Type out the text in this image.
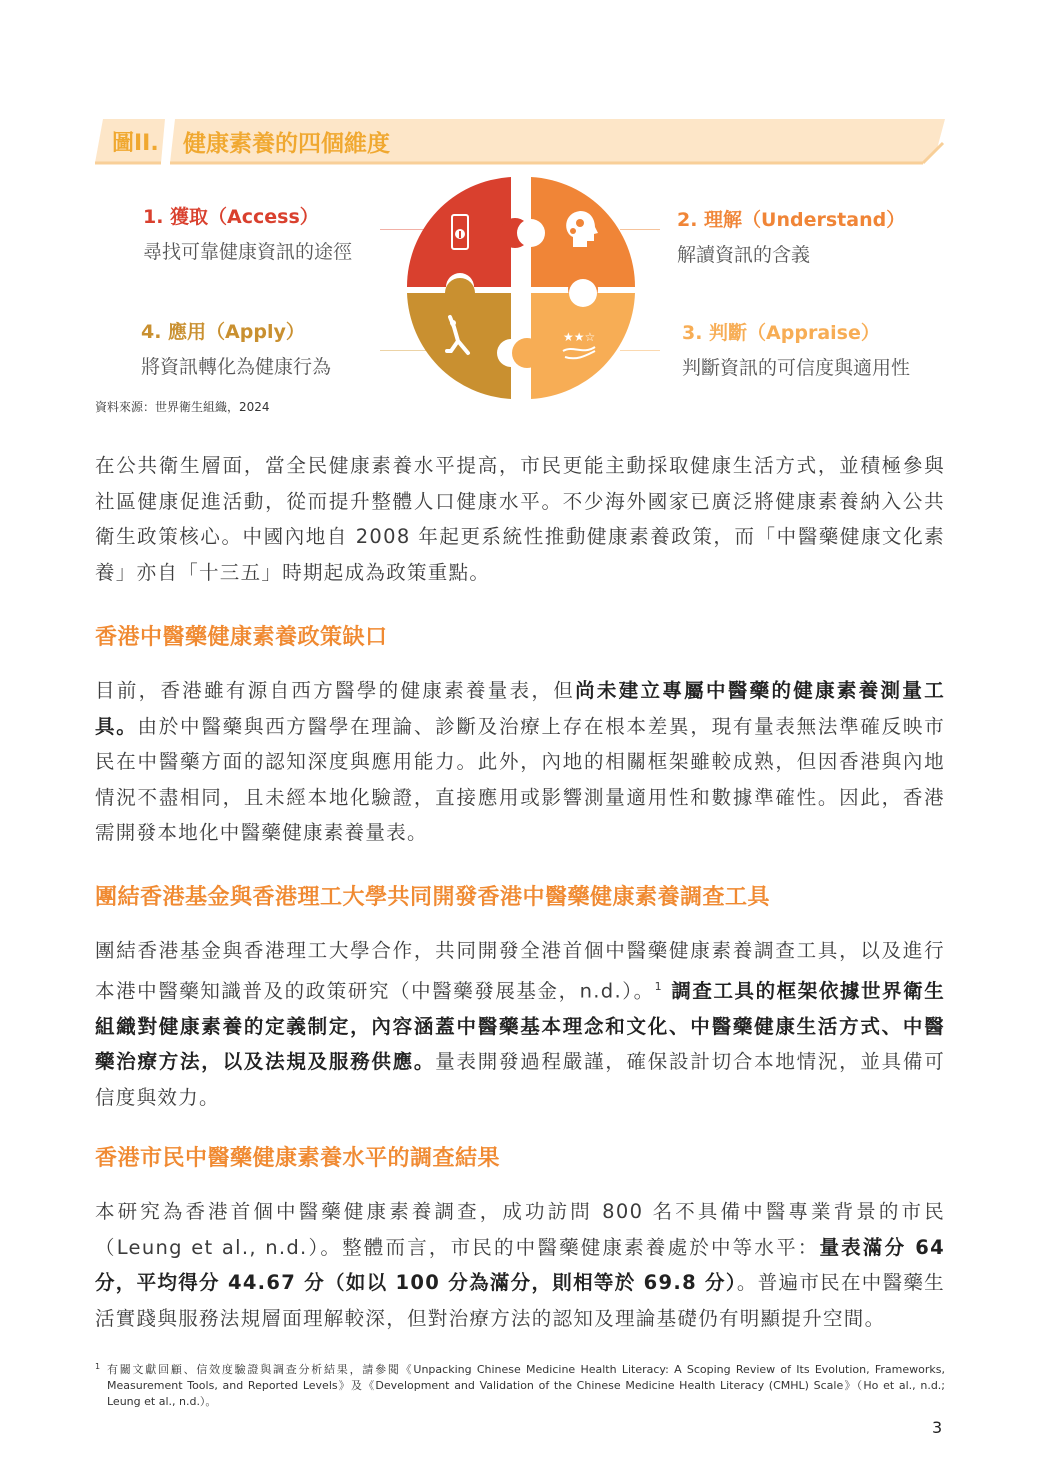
圖II. 健康素養的四個維度
1. 獲取（Access）
尋找可靠健康資訊的途徑
2. 理解（Understand）
解讀資訊的含義
3. 判斷（Appraise）
判斷資訊的可信度與適用性
4. 應用（Apply）
將資訊轉化為健康行為
★★☆
資料來源：世界衛生組織，2024
在公共衛生層面，當全民健康素養水平提高，市民更能主動採取健康生活方式，並積極參與社區健康促進活動，從而提升整體人口健康水平。不少海外國家已廣泛將健康素養納入公共衛生政策核心。中國內地自 2008 年起更系統性推動健康素養政策，而「中醫藥健康文化素養」亦自「十三五」時期起成為政策重點。
香港中醫藥健康素養政策缺口
目前，香港雖有源自西方醫學的健康素養量表，但尚未建立專屬中醫藥的健康素養測量工具。由於中醫藥與西方醫學在理論、診斷及治療上存在根本差異，現有量表無法準確反映市民在中醫藥方面的認知深度與應用能力。此外，內地的相關框架雖較成熟，但因香港與內地情況不盡相同，且未經本地化驗證，直接應用或影響測量適用性和數據準確性。因此，香港需開發本地化中醫藥健康素養量表。
團結香港基金與香港理工大學共同開發香港中醫藥健康素養調查工具
團結香港基金與香港理工大學合作，共同開發全港首個中醫藥健康素養調查工具，以及進行本港中醫藥知識普及的政策研究（中醫藥發展基金，n.d.）。$^1$ 調查工具的框架依據世界衛生組織對健康素養的定義制定，內容涵蓋中醫藥基本理念和文化、中醫藥健康生活方式、中醫藥治療方法，以及法規及服務供應。量表開發過程嚴謹，確保設計切合本地情況，並具備可信度與效力。
香港市民中醫藥健康素養水平的調查結果
本研究為香港首個中醫藥健康素養調查，成功訪問 800 名不具備中醫專業背景的市民（Leung et al., n.d.）。整體而言，市民的中醫藥健康素養處於中等水平：量表滿分 64 分，平均得分 44.67 分（如以 100 分為滿分，則相等於 69.8 分）。普遍市民在中醫藥生活實踐與服務法規層面理解較深，但對治療方法的認知及理論基礎仍有明顯提升空間。
1 有關文獻回顧、信效度驗證與調查分析結果，請參閱《Unpacking Chinese Medicine Health Literacy: A Scoping Review of Its Evolution, Frameworks, Measurement Tools, and Reported Levels》及《Development and Validation of the Chinese Medicine Health Literacy (CMHL) Scale》（Ho et al., n.d.; Leung et al., n.d.）。
3
